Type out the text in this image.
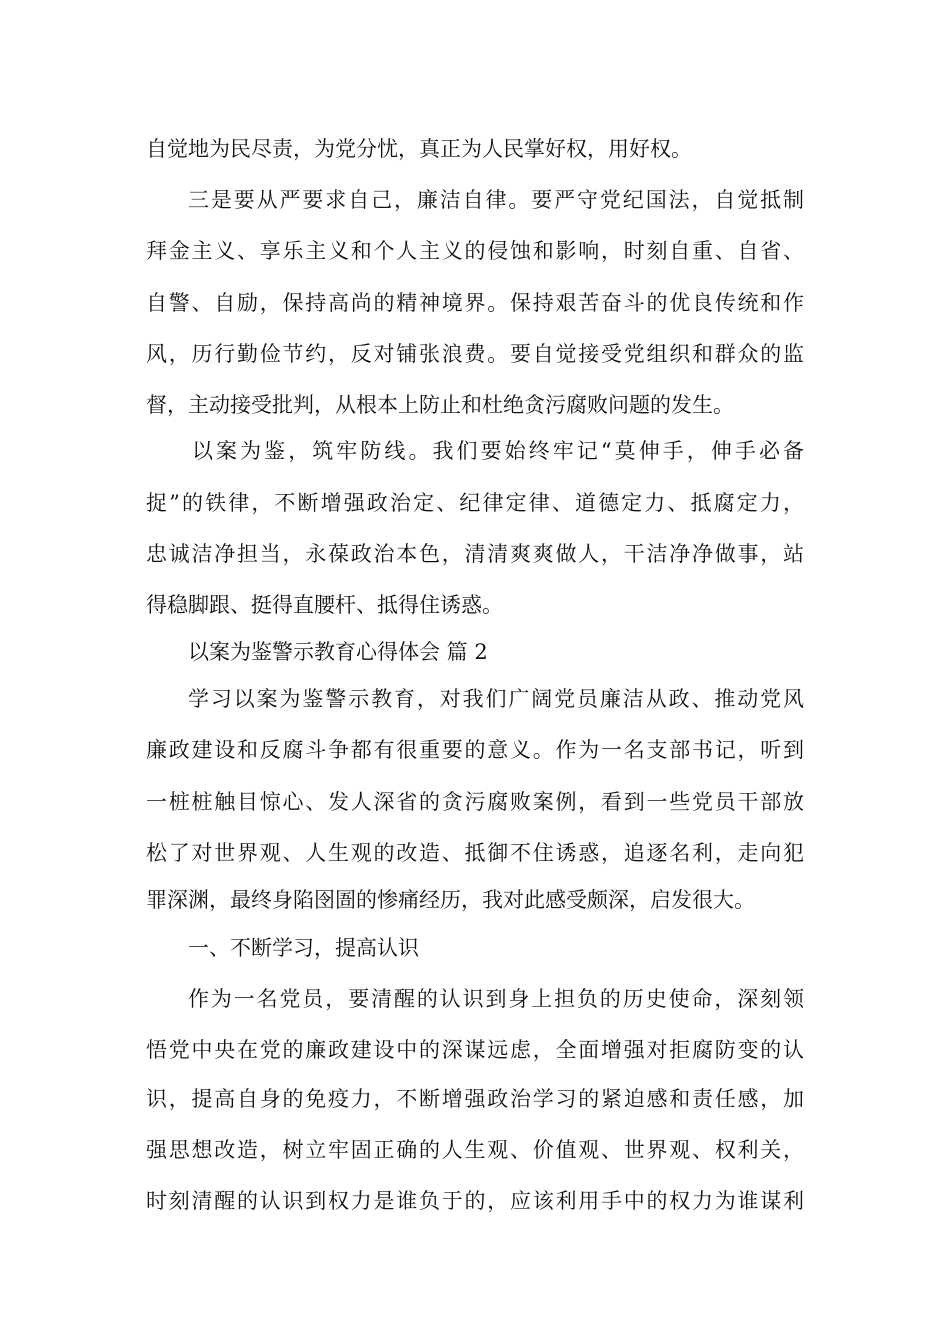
自觉地为民尽责，为党分忧，真正为人民掌好权，用好权。
三是要从严要求自己，廉洁自律。要严守党纪国法，自觉抵制
拜金主义、享乐主义和个人主义的侵蚀和影响，时刻自重、自省、
自警、自励，保持高尚的精神境界。保持艰苦奋斗的优良传统和作
风，历行勤俭节约，反对铺张浪费。要自觉接受党组织和群众的监
督，主动接受批判，从根本上防止和杜绝贪污腐败问题的发生。
以案为鉴，筑牢防线。我们要始终牢记“莫伸手，伸手必备
捉”的铁律，不断增强政治定、纪律定律、道德定力、抵腐定力，
忠诚洁净担当，永葆政治本色，清清爽爽做人，干洁净净做事，站
得稳脚跟、挺得直腰杆、抵得住诱惑。
以案为鉴警示教育心得体会 篇 2
学习以案为鉴警示教育，对我们广阔党员廉洁从政、推动党风
廉政建设和反腐斗争都有很重要的意义。作为一名支部书记，听到
一桩桩触目惊心、发人深省的贪污腐败案例，看到一些党员干部放
松了对世界观、人生观的改造、抵御不住诱惑，追逐名利，走向犯
罪深渊，最终身陷囹圄的惨痛经历，我对此感受颇深，启发很大。
一、不断学习，提高认识
作为一名党员，要清醒的认识到身上担负的历史使命，深刻领
悟党中央在党的廉政建设中的深谋远虑，全面增强对拒腐防变的认
识，提高自身的免疫力，不断增强政治学习的紧迫感和责任感，加
强思想改造，树立牢固正确的人生观、价值观、世界观、权利关，
时刻清醒的认识到权力是谁负于的，应该利用手中的权力为谁谋利
